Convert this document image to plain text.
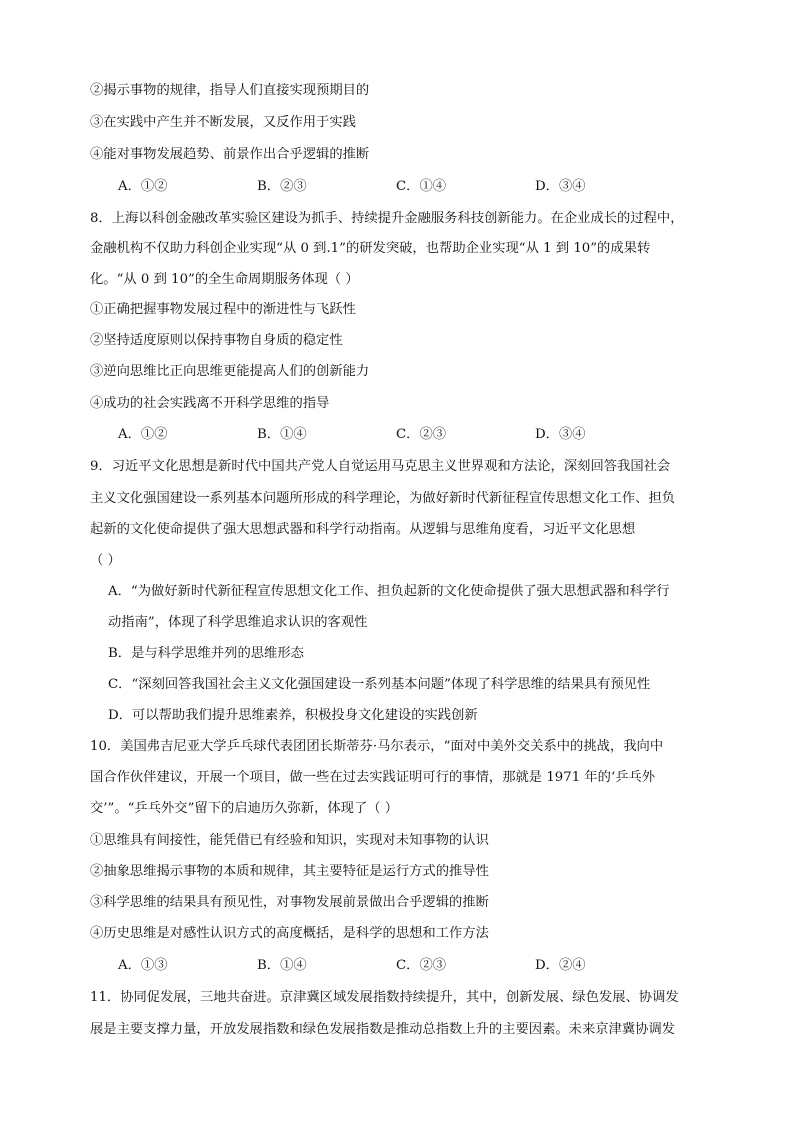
②揭示事物的规律，指导人们直接实现预期目的
③在实践中产生并不断发展，又反作用于实践
④能对事物发展趋势、前景作出合乎逻辑的推断
A．①②	B．②③	C．①④	D．③④
8．上海以科创金融改革实验区建设为抓手、持续提升金融服务科技创新能力。在企业成长的过程中，
金融机构不仅助力科创企业实现“从 0 到.1”的研发突破，也帮助企业实现“从 1 到 10”的成果转
化。“从 0 到 10”的全生命周期服务体现（ ）
①正确把握事物发展过程中的渐进性与飞跃性
②坚持适度原则以保持事物自身质的稳定性
③逆向思维比正向思维更能提高人们的创新能力
④成功的社会实践离不开科学思维的指导
A．①②	B．①④	C．②③	D．③④
9．习近平文化思想是新时代中国共产党人自觉运用马克思主义世界观和方法论，深刻回答我国社会
主义文化强国建设一系列基本问题所形成的科学理论，为做好新时代新征程宣传思想文化工作、担负
起新的文化使命提供了强大思想武器和科学行动指南。从逻辑与思维角度看，习近平文化思想
（ ）
A．“为做好新时代新征程宣传思想文化工作、担负起新的文化使命提供了强大思想武器和科学行
动指南”，体现了科学思维追求认识的客观性
B．是与科学思维并列的思维形态
C．“深刻回答我国社会主义文化强国建设一系列基本问题”体现了科学思维的结果具有预见性
D．可以帮助我们提升思维素养，积极投身文化建设的实践创新
10．美国弗吉尼亚大学乒乓球代表团团长斯蒂芬·马尔表示，“面对中美外交关系中的挑战，我向中
国合作伙伴建议，开展一个项目，做一些在过去实践证明可行的事情，那就是 1971 年的‘乒乓外
交’”。“乒乓外交”留下的启迪历久弥新，体现了（ ）
①思维具有间接性，能凭借已有经验和知识，实现对未知事物的认识
②抽象思维揭示事物的本质和规律，其主要特征是运行方式的推导性
③科学思维的结果具有预见性，对事物发展前景做出合乎逻辑的推断
④历史思维是对感性认识方式的高度概括，是科学的思想和工作方法
A．①③	B．①④	C．②③	D．②④
11．协同促发展，三地共奋进。京津冀区域发展指数持续提升，其中，创新发展、绿色发展、协调发
展是主要支撑力量，开放发展指数和绿色发展指数是推动总指数上升的主要因素。未来京津冀协调发
